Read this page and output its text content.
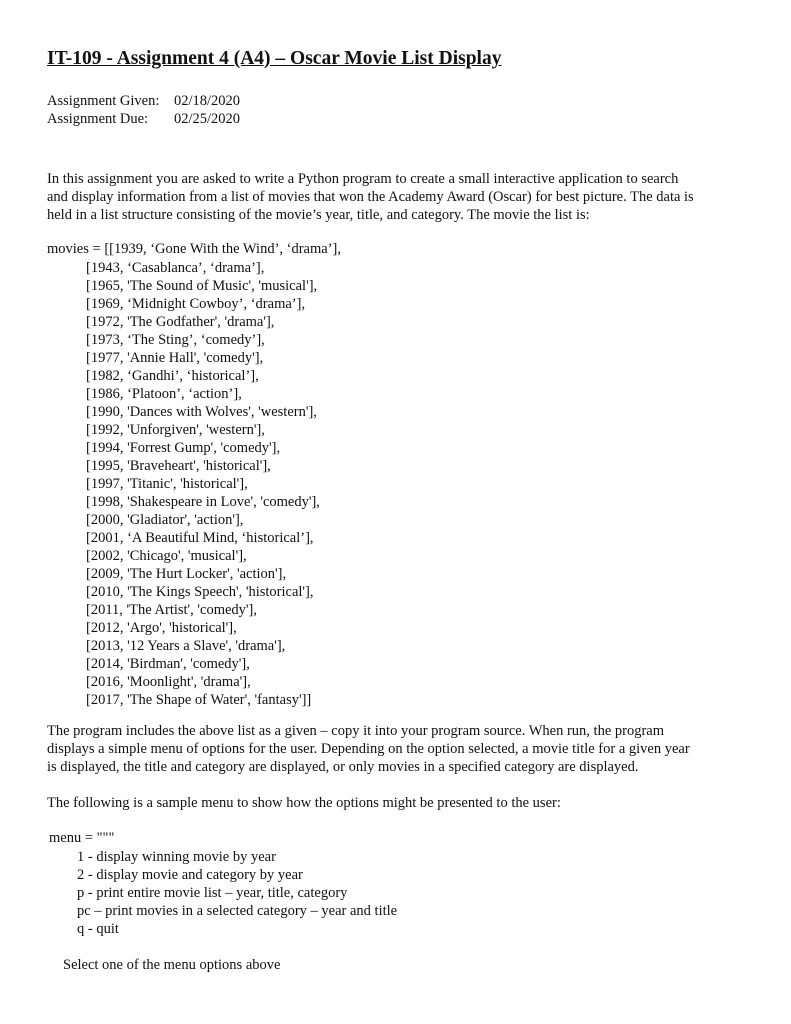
IT-109 - Assignment 4 (A4) – Oscar Movie List Display
Assignment Given: 02/18/2020
Assignment Due: 02/25/2020
In this assignment you are asked to write a Python program to create a small interactive application to search
and display information from a list of movies that won the Academy Award (Oscar) for best picture. The data is
held in a list structure consisting of the movie’s year, title, and category. The movie the list is:
movies = [[1939, ‘Gone With the Wind’, ‘drama’],
[1943, ‘Casablanca’, ‘drama’],
[1965, 'The Sound of Music', 'musical'],
[1969, ‘Midnight Cowboy’, ‘drama’],
[1972, 'The Godfather', 'drama'],
[1973, ‘The Sting’, ‘comedy’],
[1977, 'Annie Hall', 'comedy'],
[1982, ‘Gandhi’, ‘historical’],
[1986, ‘Platoon’, ‘action’],
[1990, 'Dances with Wolves', 'western'],
[1992, 'Unforgiven', 'western'],
[1994, 'Forrest Gump', 'comedy'],
[1995, 'Braveheart', 'historical'],
[1997, 'Titanic', 'historical'],
[1998, 'Shakespeare in Love', 'comedy'],
[2000, 'Gladiator', 'action'],
[2001, ‘A Beautiful Mind, ‘historical’],
[2002, 'Chicago', 'musical'],
[2009, 'The Hurt Locker', 'action'],
[2010, 'The Kings Speech', 'historical'],
[2011, 'The Artist', 'comedy'],
[2012, 'Argo', 'historical'],
[2013, '12 Years a Slave', 'drama'],
[2014, 'Birdman', 'comedy'],
[2016, 'Moonlight', 'drama'],
[2017, 'The Shape of Water', 'fantasy']]
The program includes the above list as a given – copy it into your program source. When run, the program
displays a simple menu of options for the user. Depending on the option selected, a movie title for a given year
is displayed, the title and category are displayed, or only movies in a specified category are displayed.
The following is a sample menu to show how the options might be presented to the user:
menu = """
1 - display winning movie by year
2 - display movie and category by year
p - print entire movie list – year, title, category
pc – print movies in a selected category – year and title
q - quit
Select one of the menu options above
